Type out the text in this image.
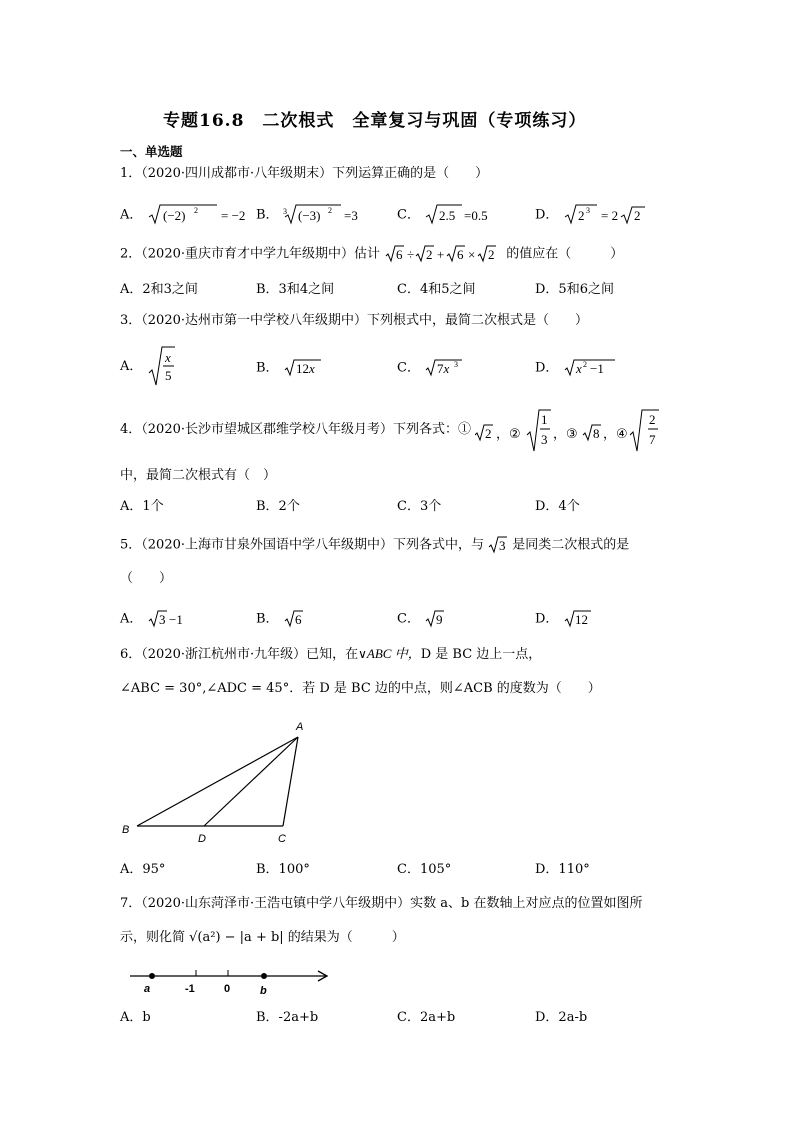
专题16.8　二次根式　全章复习与巩固（专项练习）
一、单选题
1．（2020·四川成都市·八年级期末）下列运算正确的是（　　）
A． (−2) 2 = −2 B． 3 (−3) 2 =3	C． 2.5 =0.5	D． 2 3 = 2 2
2．（2020·重庆市育才中学九年级期中）估计 6 ÷ 2 + 6 × 2 的值应在（　　　）
A．2和3之间	B．3和4之间	C．4和5之间	D．5和6之间
3．（2020·达州市第一中学校八年级期中）下列根式中，最简二次根式是（　　）
A．
x
5	B． 12x	C． 7x 3	D． x 2 −1
4．（2020·长沙市望城区郡维学校八年级月考）下列各式：① 2 ，②
1
3 ，③ 8 ，④

2
7
中，最简二次根式有（　）
A．1个	B．2个	C．3个	D．4个
5．（2020·上海市甘泉外国语中学八年级期中）下列各式中，与 3 是同类二次根式的是
（　　）
A． 3 −1	B． 6	C． 9	D． 12
6．（2020·浙江杭州市·九年级）已知，在∨ABC 中，D 是 BC 边上一点，
∠ABC = 30°,∠ADC = 45°．若 D 是 BC 边的中点，则∠ACB 的度数为（　　）
A
B
C
D
A．95°	B．100°	C．105°	D．110°
7．（2020·山东菏泽市·王浩屯镇中学八年级期中）实数 a、b 在数轴上对应点的位置如图所
示，则化简 √(a²) − |a + b| 的结果为（　　　）
a	-1	0	b
A．b	B．-2a+b	C．2a+b	D．2a-b
